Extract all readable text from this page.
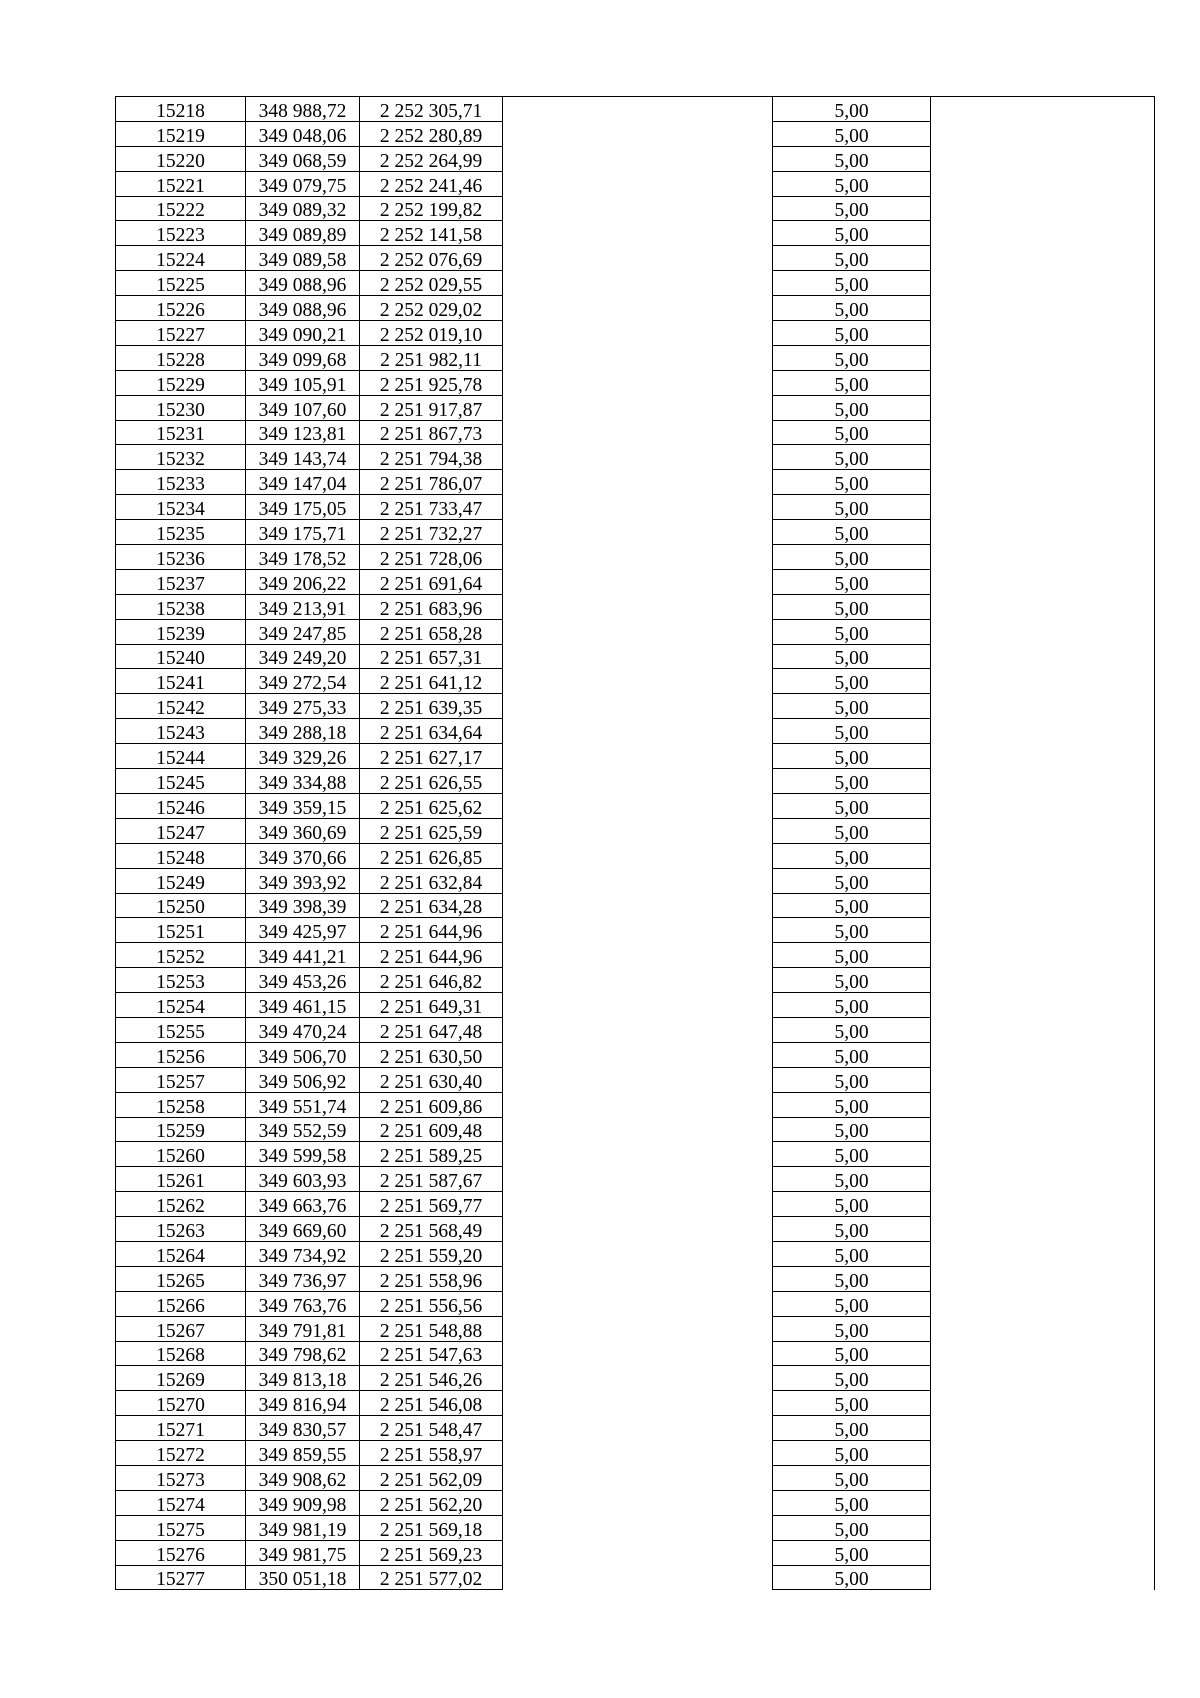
15218	348 988,72	2 252 305,71		5,00	
15219	349 048,06	2 252 280,89		5,00	
15220	349 068,59	2 252 264,99		5,00	
15221	349 079,75	2 252 241,46		5,00	
15222	349 089,32	2 252 199,82		5,00	
15223	349 089,89	2 252 141,58		5,00	
15224	349 089,58	2 252 076,69		5,00	
15225	349 088,96	2 252 029,55		5,00	
15226	349 088,96	2 252 029,02		5,00	
15227	349 090,21	2 252 019,10		5,00	
15228	349 099,68	2 251 982,11		5,00	
15229	349 105,91	2 251 925,78		5,00	
15230	349 107,60	2 251 917,87		5,00	
15231	349 123,81	2 251 867,73		5,00	
15232	349 143,74	2 251 794,38		5,00	
15233	349 147,04	2 251 786,07		5,00	
15234	349 175,05	2 251 733,47		5,00	
15235	349 175,71	2 251 732,27		5,00	
15236	349 178,52	2 251 728,06		5,00	
15237	349 206,22	2 251 691,64		5,00	
15238	349 213,91	2 251 683,96		5,00	
15239	349 247,85	2 251 658,28		5,00	
15240	349 249,20	2 251 657,31		5,00	
15241	349 272,54	2 251 641,12		5,00	
15242	349 275,33	2 251 639,35		5,00	
15243	349 288,18	2 251 634,64		5,00	
15244	349 329,26	2 251 627,17		5,00	
15245	349 334,88	2 251 626,55		5,00	
15246	349 359,15	2 251 625,62		5,00	
15247	349 360,69	2 251 625,59		5,00	
15248	349 370,66	2 251 626,85		5,00	
15249	349 393,92	2 251 632,84		5,00	
15250	349 398,39	2 251 634,28		5,00	
15251	349 425,97	2 251 644,96		5,00	
15252	349 441,21	2 251 644,96		5,00	
15253	349 453,26	2 251 646,82		5,00	
15254	349 461,15	2 251 649,31		5,00	
15255	349 470,24	2 251 647,48		5,00	
15256	349 506,70	2 251 630,50		5,00	
15257	349 506,92	2 251 630,40		5,00	
15258	349 551,74	2 251 609,86		5,00	
15259	349 552,59	2 251 609,48		5,00	
15260	349 599,58	2 251 589,25		5,00	
15261	349 603,93	2 251 587,67		5,00	
15262	349 663,76	2 251 569,77		5,00	
15263	349 669,60	2 251 568,49		5,00	
15264	349 734,92	2 251 559,20		5,00	
15265	349 736,97	2 251 558,96		5,00	
15266	349 763,76	2 251 556,56		5,00	
15267	349 791,81	2 251 548,88		5,00	
15268	349 798,62	2 251 547,63		5,00	
15269	349 813,18	2 251 546,26		5,00	
15270	349 816,94	2 251 546,08		5,00	
15271	349 830,57	2 251 548,47		5,00	
15272	349 859,55	2 251 558,97		5,00	
15273	349 908,62	2 251 562,09		5,00	
15274	349 909,98	2 251 562,20		5,00	
15275	349 981,19	2 251 569,18		5,00	
15276	349 981,75	2 251 569,23		5,00	
15277	350 051,18	2 251 577,02		5,00	
